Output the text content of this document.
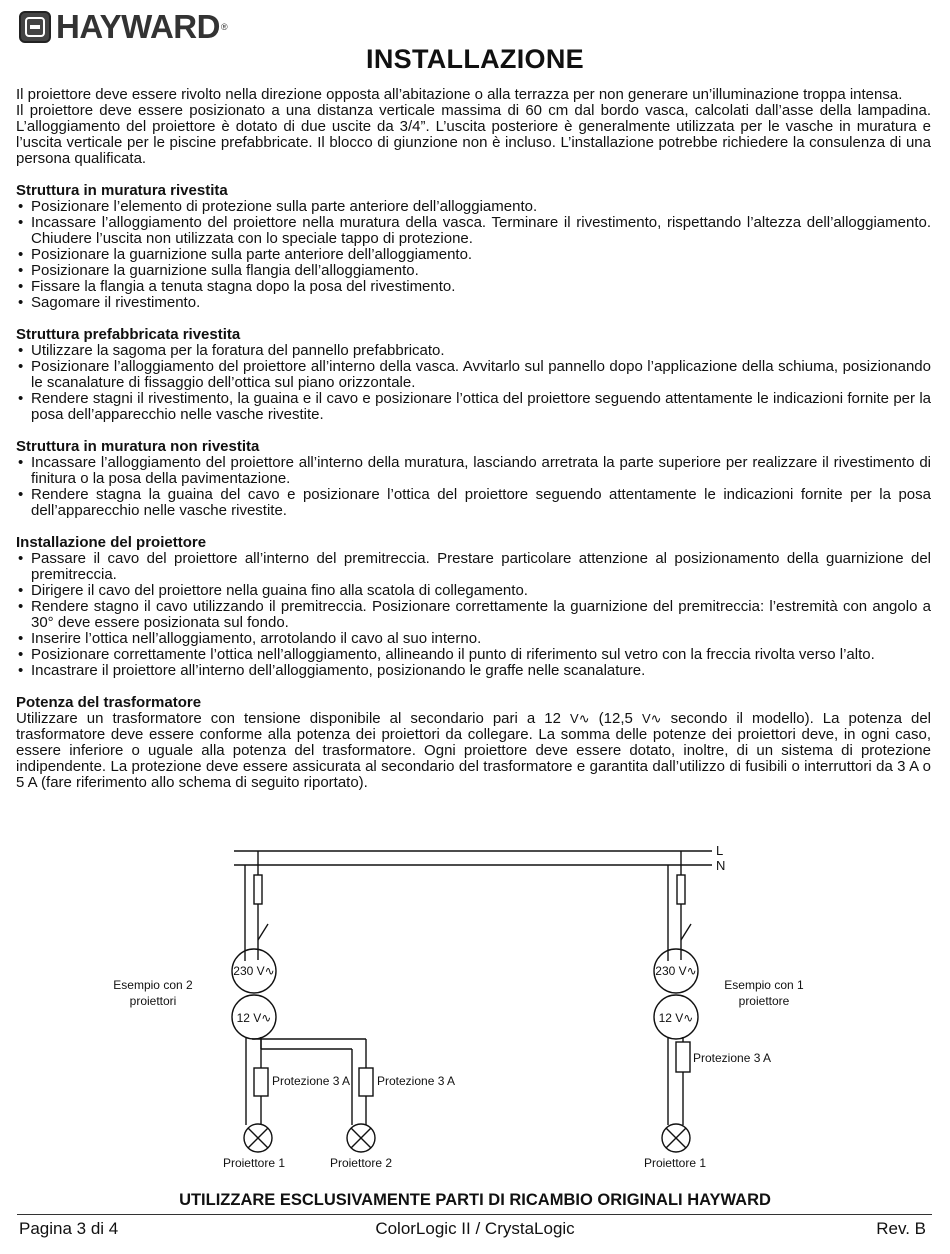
HAYWARD ®
INSTALLAZIONE

Il proiettore deve essere rivolto nella direzione opposta all’abitazione o alla terrazza per non generare un’illuminazione troppa intensa.

Il proiettore deve essere posizionato a una distanza verticale massima di 60 cm dal bordo vasca, calcolati dall’asse della lampadina. L’alloggiamento del proiettore è dotato di due uscite da 3/4”. L’uscita posteriore è generalmente utilizzata per le vasche in muratura e l’uscita verticale per le piscine prefabbricate. Il blocco di giunzione non è incluso. L’installazione potrebbe richiedere la consulenza di una persona qualificata.

Struttura in muratura rivestita
• Posizionare l’elemento di protezione sulla parte anteriore dell’alloggiamento.
• Incassare l’alloggiamento del proiettore nella muratura della vasca. Terminare il rivestimento, rispettando l’altezza dell’alloggiamento. Chiudere l’uscita non utilizzata con lo speciale tappo di protezione.
• Posizionare la guarnizione sulla parte anteriore dell’alloggiamento.
• Posizionare la guarnizione sulla flangia dell’alloggiamento.
• Fissare la flangia a tenuta stagna dopo la posa del rivestimento.
• Sagomare il rivestimento.
Struttura prefabbricata rivestita
• Utilizzare la sagoma per la foratura del pannello prefabbricato.
• Posizionare l’alloggiamento del proiettore all’interno della vasca. Avvitarlo sul pannello dopo l’applicazione della schiuma, posizionando le scanalature di fissaggio dell’ottica sul piano orizzontale.
• Rendere stagni il rivestimento, la guaina e il cavo e posizionare l’ottica del proiettore seguendo attentamente le indicazioni fornite per la posa dell’apparecchio nelle vasche rivestite.
Struttura in muratura non rivestita
• Incassare l’alloggiamento del proiettore all’interno della muratura, lasciando arretrata la parte superiore per realizzare il rivestimento di finitura o la posa della pavimentazione.
• Rendere stagna la guaina del cavo e posizionare l’ottica del proiettore seguendo attentamente le indicazioni fornite per la posa dell’apparecchio nelle vasche rivestite.
Installazione del proiettore
• Passare il cavo del proiettore all’interno del premitreccia. Prestare particolare attenzione al posizionamento della guarnizione del premitreccia.
• Dirigere il cavo del proiettore nella guaina fino alla scatola di collegamento.
• Rendere stagno il cavo utilizzando il premitreccia. Posizionare correttamente la guarnizione del premitreccia: l’estremità con angolo a 30° deve essere posizionata sul fondo.
• Inserire l’ottica nell’alloggiamento, arrotolando il cavo al suo interno.
• Posizionare correttamente l’ottica nell’alloggiamento, allineando il punto di riferimento sul vetro con la freccia rivolta verso l’alto.
• Incastrare il proiettore all’interno dell’alloggiamento, posizionando le graffe nelle scanalature.
Potenza del trasformatore

Utilizzare un trasformatore con tensione disponibile al secondario pari a 12 V∿ (12,5 V∿ secondo il modello). La potenza del trasformatore deve essere conforme alla potenza dei proiettori da collegare. La somma delle potenze dei proiettori deve, in ogni caso, essere inferiore o uguale alla potenza del trasformatore. Ogni proiettore deve essere dotato, inoltre, di un sistema di protezione indipendente. La protezione deve essere assicurata al secondario del trasformatore e garantita dall’utilizzo di fusibili o interruttori da 3 A o 5 A (fare riferimento allo schema di seguito riportato).

L
N
Esempio con 2
proiettori
230 V∿
12 V∿
Protezione 3 A Protezione 3 A
Proiettore 1	Proiettore 2
Esempio con 1
proiettore
230 V∿
12 V∿
Protezione 3 A
Proiettore 1
UTILIZZARE ESCLUSIVAMENTE PARTI DI RICAMBIO ORIGINALI HAYWARD
Pagina 3 di 4	ColorLogic II / CrystaLogic	Rev. B
